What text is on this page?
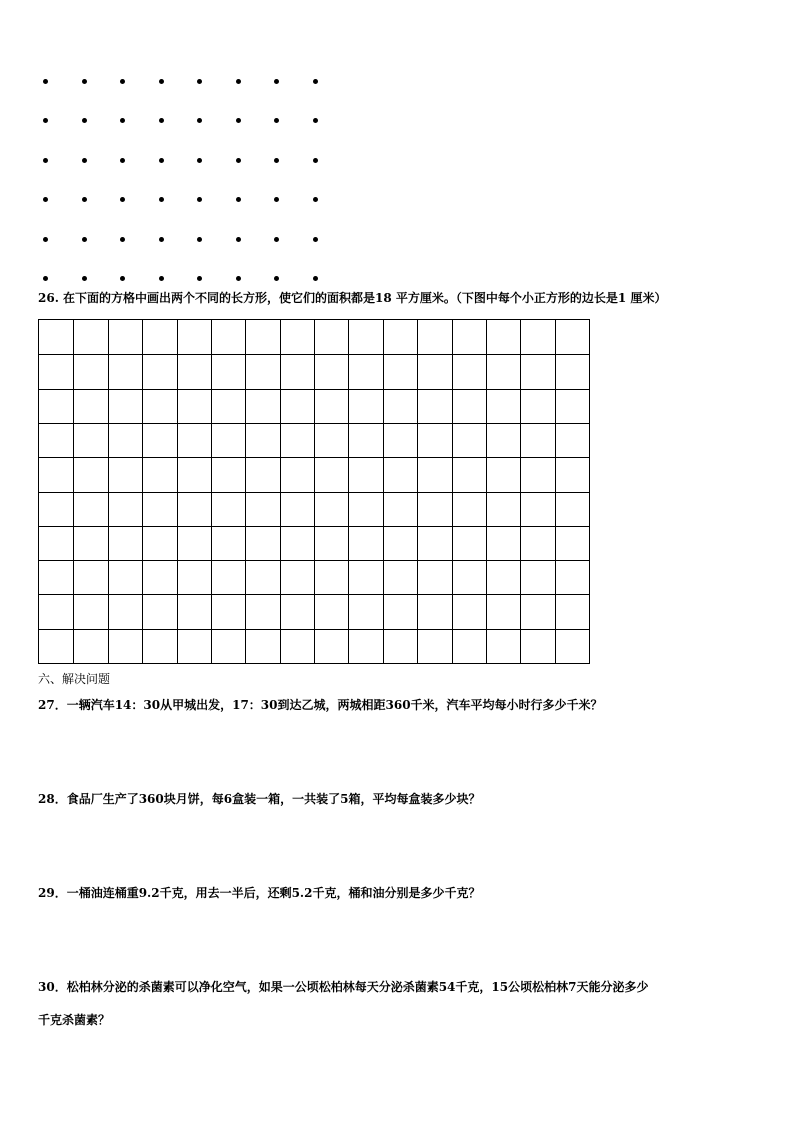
26. 在下面的方格中画出两个不同的长方形，使它们的面积都是18 平方厘米。（下图中每个小正方形的边长是1 厘米）
六、解决问题
27．一辆汽车14：30从甲城出发，17：30到达乙城，两城相距360千米，汽车平均每小时行多少千米？
28．食品厂生产了360块月饼，每6盒装一箱，一共装了5箱，平均每盒装多少块？
29．一桶油连桶重9.2千克，用去一半后，还剩5.2千克，桶和油分别是多少千克？
30．松柏林分泌的杀菌素可以净化空气，如果一公顷松柏林每天分泌杀菌素54千克，15公顷松柏林7天能分泌多少
千克杀菌素？
